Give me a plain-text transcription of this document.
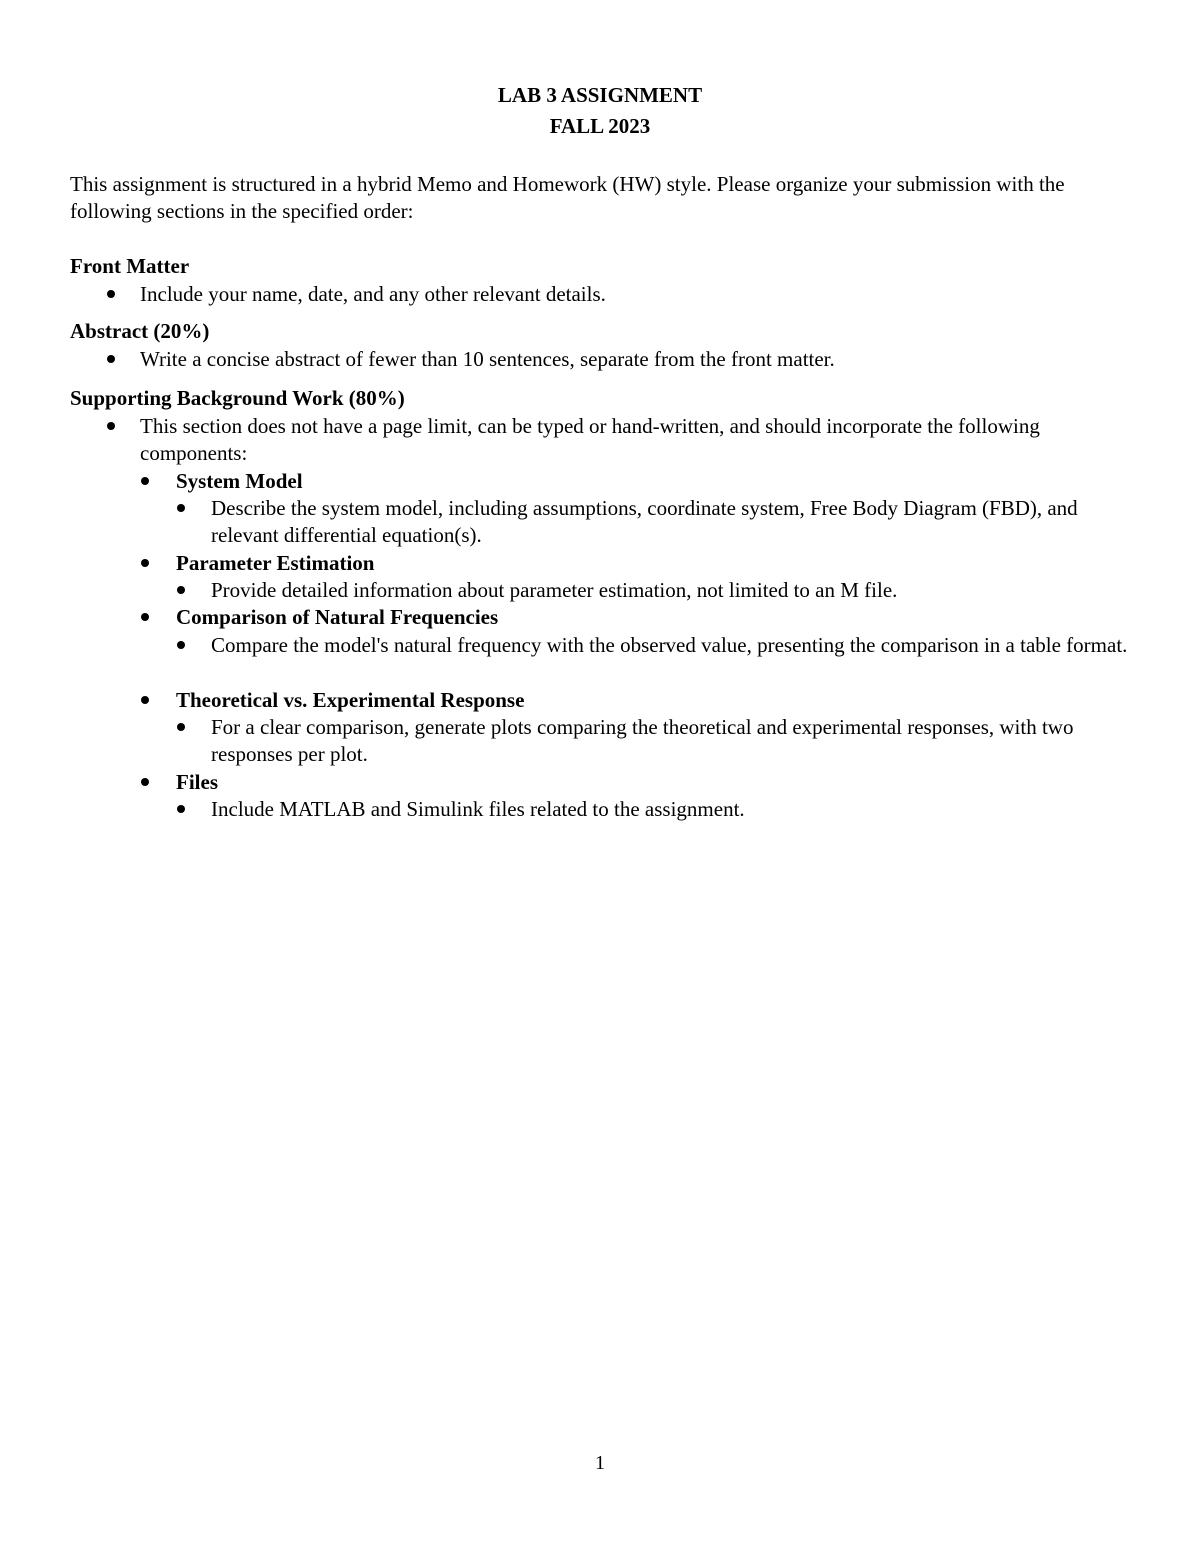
LAB 3 ASSIGNMENT
FALL 2023
This assignment is structured in a hybrid Memo and Homework (HW) style. Please organize your submission with the following sections in the specified order:
Front Matter
Include your name, date, and any other relevant details.
Abstract (20%)
Write a concise abstract of fewer than 10 sentences, separate from the front matter.
Supporting Background Work (80%)
This section does not have a page limit, can be typed or hand-written, and should incorporate the following components:
System Model
Describe the system model, including assumptions, coordinate system, Free Body Diagram (FBD), and relevant differential equation(s).
Parameter Estimation
Provide detailed information about parameter estimation, not limited to an M file.
Comparison of Natural Frequencies
Compare the model's natural frequency with the observed value, presenting the comparison in a table format.
Theoretical vs. Experimental Response
For a clear comparison, generate plots comparing the theoretical and experimental responses, with two responses per plot.
Files
Include MATLAB and Simulink files related to the assignment.
1
